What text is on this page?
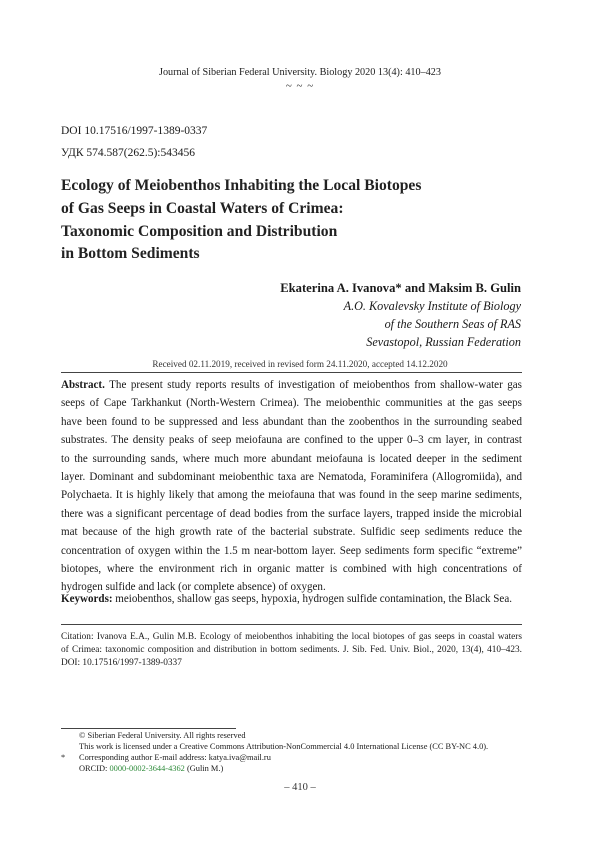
Journal of Siberian Federal University. Biology 2020 13(4): 410–423
~ ~ ~
DOI 10.17516/1997-1389-0337
УДК 574.587(262.5):543456
Ecology of Meiobenthos Inhabiting the Local Biotopes
of Gas Seeps in Coastal Waters of Crimea:
Taxonomic Composition and Distribution
in Bottom Sediments
Ekaterina A. Ivanova* and Maksim B. Gulin
A.O. Kovalevsky Institute of Biology
of the Southern Seas of RAS
Sevastopol, Russian Federation
Received 02.11.2019, received in revised form 24.11.2020, accepted 14.12.2020
Abstract. The present study reports results of investigation of meiobenthos from shallow-water gas
seeps of Cape Tarkhankut (North-Western Crimea). The meiobenthic communities at the gas seeps
have been found to be suppressed and less abundant than the zoobenthos in the surrounding seabed
substrates. The density peaks of seep meiofauna are confined to the upper 0–3 cm layer, in contrast
to the surrounding sands, where much more abundant meiofauna is located deeper in the sediment
layer. Dominant and subdominant meiobenthic taxa are Nematoda, Foraminifera (Allogromiida), and
Polychaeta. It is highly likely that among the meiofauna that was found in the seep marine sediments,
there was a significant percentage of dead bodies from the surface layers, trapped inside the microbial
mat because of the high growth rate of the bacterial substrate. Sulfidic seep sediments reduce the
concentration of oxygen within the 1.5 m near-bottom layer. Seep sediments form specific “extreme”
biotopes, where the environment rich in organic matter is combined with high concentrations of
hydrogen sulfide and lack (or complete absence) of oxygen.
Keywords: meiobenthos, shallow gas seeps, hypoxia, hydrogen sulfide contamination, the Black Sea.
Citation: Ivanova E.A., Gulin M.B. Ecology of meiobenthos inhabiting the local biotopes of gas seeps in coastal waters
of Crimea: taxonomic composition and distribution in bottom sediments. J. Sib. Fed. Univ. Biol., 2020, 13(4), 410–423.
DOI: 10.17516/1997-1389-0337
© Siberian Federal University. All rights reserved
This work is licensed under a Creative Commons Attribution-NonCommercial 4.0 International License (CC BY-NC 4.0).
* Corresponding author E-mail address: katya.iva@mail.ru
ORCID: 0000-0002-3644-4362 (Gulin M.)
– 410 –
